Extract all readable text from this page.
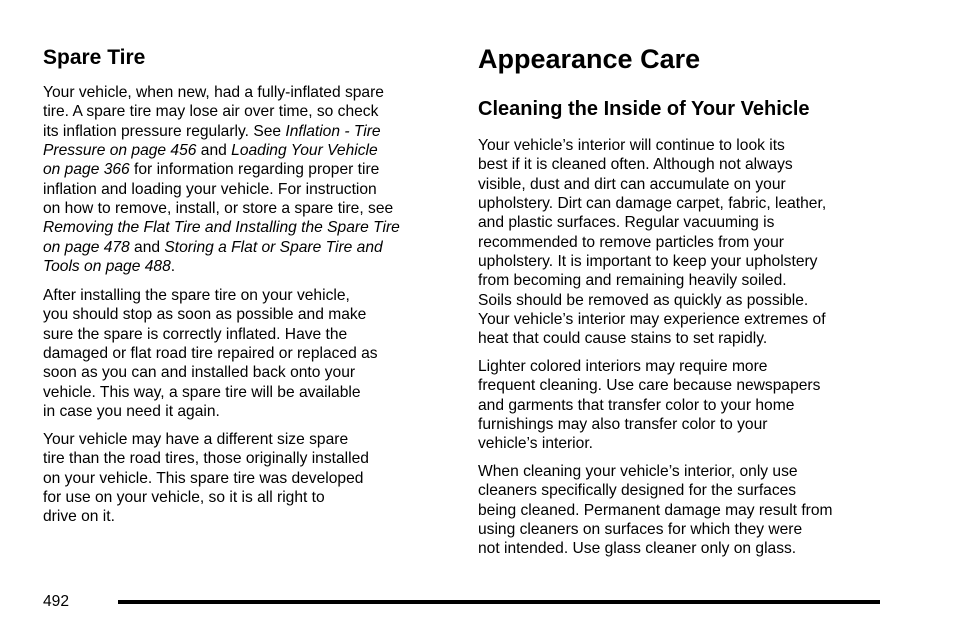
Spare Tire
Your vehicle, when new, had a fully-inflated spare
tire. A spare tire may lose air over time, so check
its inflation pressure regularly. See Inflation - Tire
Pressure on page 456 and Loading Your Vehicle
on page 366 for information regarding proper tire
inflation and loading your vehicle. For instruction
on how to remove, install, or store a spare tire, see
Removing the Flat Tire and Installing the Spare Tire
on page 478 and Storing a Flat or Spare Tire and
Tools on page 488.
After installing the spare tire on your vehicle,
you should stop as soon as possible and make
sure the spare is correctly inflated. Have the
damaged or flat road tire repaired or replaced as
soon as you can and installed back onto your
vehicle. This way, a spare tire will be available
in case you need it again.
Your vehicle may have a different size spare
tire than the road tires, those originally installed
on your vehicle. This spare tire was developed
for use on your vehicle, so it is all right to
drive on it.
Appearance Care
Cleaning the Inside of Your Vehicle
Your vehicle’s interior will continue to look its
best if it is cleaned often. Although not always
visible, dust and dirt can accumulate on your
upholstery. Dirt can damage carpet, fabric, leather,
and plastic surfaces. Regular vacuuming is
recommended to remove particles from your
upholstery. It is important to keep your upholstery
from becoming and remaining heavily soiled.
Soils should be removed as quickly as possible.
Your vehicle’s interior may experience extremes of
heat that could cause stains to set rapidly.
Lighter colored interiors may require more
frequent cleaning. Use care because newspapers
and garments that transfer color to your home
furnishings may also transfer color to your
vehicle’s interior.
When cleaning your vehicle’s interior, only use
cleaners specifically designed for the surfaces
being cleaned. Permanent damage may result from
using cleaners on surfaces for which they were
not intended. Use glass cleaner only on glass.
492
